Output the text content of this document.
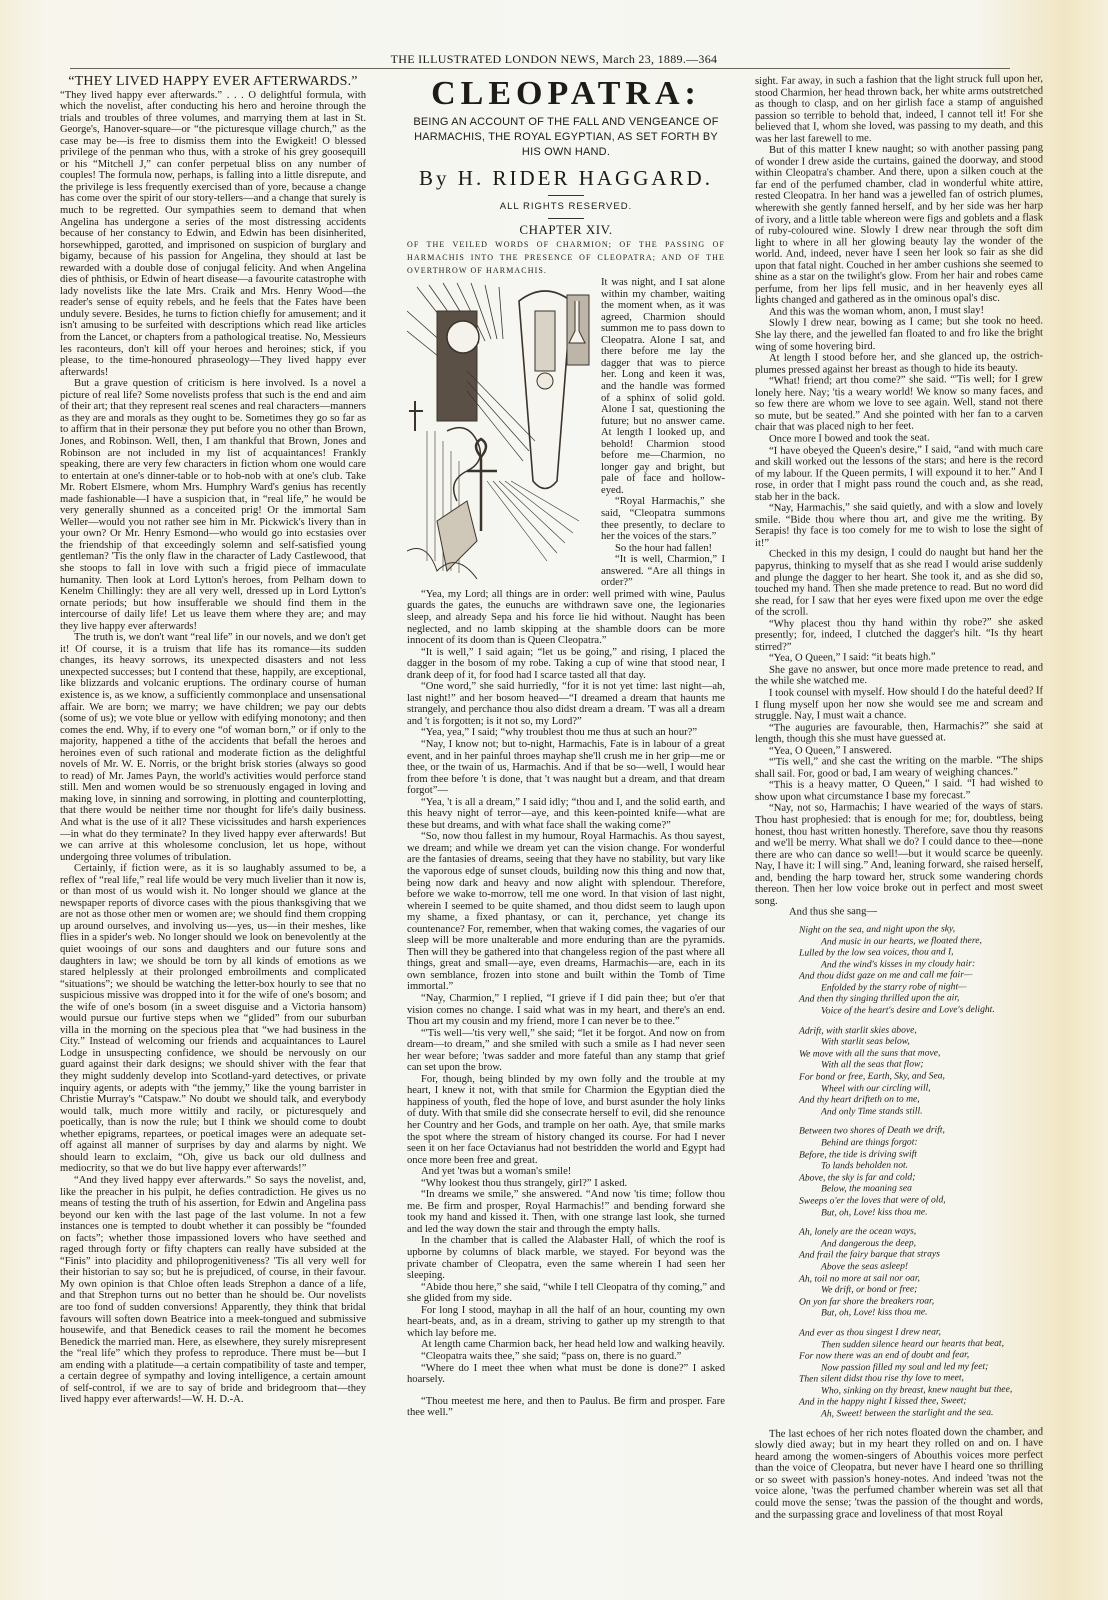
THE ILLUSTRATED LONDON NEWS, March 23, 1889.—364
“THEY LIVED HAPPY EVER AFTERWARDS.”

“They lived happy ever afterwards.” . . . O delightful formula, with which the novelist, after conducting his hero and heroine through the trials and troubles of three volumes, and marrying them at last in St. George's, Hanover-square—or “the picturesque village church,” as the case may be—is free to dismiss them into the Ewigkeit! O blessed privilege of the penman who thus, with a stroke of his grey goosequill or his “Mitchell J,” can confer perpetual bliss on any number of couples! The formula now, perhaps, is falling into a little disrepute, and the privilege is less frequently exercised than of yore, because a change has come over the spirit of our story-tellers—and a change that surely is much to be regretted. Our sympathies seem to demand that when Angelina has undergone a series of the most distressing accidents because of her constancy to Edwin, and Edwin has been disinherited, horsewhipped, garotted, and imprisoned on suspicion of burglary and bigamy, because of his passion for Angelina, they should at last be rewarded with a double dose of conjugal felicity. And when Angelina dies of phthisis, or Edwin of heart disease—a favourite catastrophe with lady novelists like the late Mrs. Craik and Mrs. Henry Wood—the reader's sense of equity rebels, and he feels that the Fates have been unduly severe. Besides, he turns to fiction chiefly for amusement; and it isn't amusing to be surfeited with descriptions which read like articles from the Lancet, or chapters from a pathological treatise. No, Messieurs les raconteurs, don't kill off your heroes and heroines; stick, if you please, to the time-honoured phraseology—They lived happy ever afterwards!

But a grave question of criticism is here involved. Is a novel a picture of real life? Some novelists profess that such is the end and aim of their art; that they represent real scenes and real characters—manners as they are and morals as they ought to be. Sometimes they go so far as to affirm that in their personæ they put before you no other than Brown, Jones, and Robinson. Well, then, I am thankful that Brown, Jones and Robinson are not included in my list of acquaintances! Frankly speaking, there are very few characters in fiction whom one would care to entertain at one's dinner-table or to hob-nob with at one's club. Take Mr. Robert Elsmere, whom Mrs. Humphry Ward's genius has recently made fashionable—I have a suspicion that, in “real life,” he would be very generally shunned as a conceited prig! Or the immortal Sam Weller—would you not rather see him in Mr. Pickwick's livery than in your own? Or Mr. Henry Esmond—who would go into ecstasies over the friendship of that exceedingly solemn and self-satisfied young gentleman? 'Tis the only flaw in the character of Lady Castlewood, that she stoops to fall in love with such a frigid piece of immaculate humanity. Then look at Lord Lytton's heroes, from Pelham down to Kenelm Chillingly: they are all very well, dressed up in Lord Lytton's ornate periods; but how insufferable we should find them in the intercourse of daily life! Let us leave them where they are; and may they live happy ever afterwards!

The truth is, we don't want “real life” in our novels, and we don't get it! Of course, it is a truism that life has its romance—its sudden changes, its heavy sorrows, its unexpected disasters and not less unexpected successes; but I contend that these, happily, are exceptional, like blizzards and volcanic eruptions. The ordinary course of human existence is, as we know, a sufficiently commonplace and unsensational affair. We are born; we marry; we have children; we pay our debts (some of us); we vote blue or yellow with edifying monotony; and then comes the end. Why, if to every one “of woman born,” or if only to the majority, happened a tithe of the accidents that befall the heroes and heroines even of such rational and moderate fiction as the delightful novels of Mr. W. E. Norris, or the bright brisk stories (always so good to read) of Mr. James Payn, the world's activities would perforce stand still. Men and women would be so strenuously engaged in loving and making love, in sinning and sorrowing, in plotting and counterplotting, that there would be neither time nor thought for life's daily business. And what is the use of it all? These vicissitudes and harsh experiences—in what do they terminate? In they lived happy ever afterwards! But we can arrive at this wholesome conclusion, let us hope, without undergoing three volumes of tribulation.

Certainly, if fiction were, as it is so laughably assumed to be, a reflex of “real life,” real life would be very much livelier than it now is, or than most of us would wish it. No longer should we glance at the newspaper reports of divorce cases with the pious thanksgiving that we are not as those other men or women are; we should find them cropping up around ourselves, and involving us—yes, us—in their meshes, like flies in a spider's web. No longer should we look on benevolently at the quiet wooings of our sons and daughters and our future sons and daughters in law; we should be torn by all kinds of emotions as we stared helplessly at their prolonged embroilments and complicated “situations”; we should be watching the letter-box hourly to see that no suspicious missive was dropped into it for the wife of one's bosom; and the wife of one's bosom (in a sweet disguise and a Victoria hansom) would pursue our furtive steps when we “glided” from our suburban villa in the morning on the specious plea that “we had business in the City.” Instead of welcoming our friends and acquaintances to Laurel Lodge in unsuspecting confidence, we should be nervously on our guard against their dark designs; we should shiver with the fear that they might suddenly develop into Scotland-yard detectives, or private inquiry agents, or adepts with “the jemmy,” like the young barrister in Christie Murray's “Catspaw.” No doubt we should talk, and everybody would talk, much more wittily and racily, or picturesquely and poetically, than is now the rule; but I think we should come to doubt whether epigrams, repartees, or poetical images were an adequate set-off against all manner of surprises by day and alarms by night. We should learn to exclaim, “Oh, give us back our old dullness and mediocrity, so that we do but live happy ever afterwards!”

“And they lived happy ever afterwards.” So says the novelist, and, like the preacher in his pulpit, he defies contradiction. He gives us no means of testing the truth of his assertion, for Edwin and Angelina pass beyond our ken with the last page of the last volume. In not a few instances one is tempted to doubt whether it can possibly be “founded on facts”; whether those impassioned lovers who have seethed and raged through forty or fifty chapters can really have subsided at the “Finis” into placidity and philoprogenitiveness? 'Tis all very well for their historian to say so; but he is prejudiced, of course, in their favour. My own opinion is that Chloe often leads Strephon a dance of a life, and that Strephon turns out no better than he should be. Our novelists are too fond of sudden conversions! Apparently, they think that bridal favours will soften down Beatrice into a meek-tongued and submissive housewife, and that Benedick ceases to rail the moment he becomes Benedick the married man. Here, as elsewhere, they surely misrepresent the “real life” which they profess to reproduce. There must be—but I am ending with a platitude—a certain compatibility of taste and temper, a certain degree of sympathy and loving intelligence, a certain amount of self-control, if we are to say of bride and bridegroom that—they lived happy ever afterwards!—W. H. D.-A.

CLEOPATRA:
BEING AN ACCOUNT OF THE FALL AND VENGEANCE OF HARMACHIS, THE ROYAL EGYPTIAN, AS SET FORTH BY HIS OWN HAND.
By H. RIDER HAGGARD.
ALL RIGHTS RESERVED.
CHAPTER XIV.
OF THE VEILED WORDS OF CHARMION; OF THE PASSING OF HARMACHIS INTO THE PRESENCE OF CLEOPATRA; AND OF THE OVERTHROW OF HARMACHIS.

It was night, and I sat alone within my chamber, waiting the moment when, as it was agreed, Charmion should summon me to pass down to Cleopatra. Alone I sat, and there before me lay the dagger that was to pierce her. Long and keen it was, and the handle was formed of a sphinx of solid gold. Alone I sat, questioning the future; but no answer came. At length I looked up, and behold! Charmion stood before me—Charmion, no longer gay and bright, but pale of face and hollow-eyed.

“Royal Harmachis,” she said, “Cleopatra summons thee presently, to declare to her the voices of the stars.”

So the hour had fallen!

“It is well, Charmion,” I answered. “Are all things in order?”

“Yea, my Lord; all things are in order: well primed with wine, Paulus guards the gates, the eunuchs are withdrawn save one, the legionaries sleep, and already Sepa and his force lie hid without. Naught has been neglected, and no lamb skipping at the shamble doors can be more innocent of its doom than is Queen Cleopatra.”

“It is well,” I said again; “let us be going,” and rising, I placed the dagger in the bosom of my robe. Taking a cup of wine that stood near, I drank deep of it, for food had I scarce tasted all that day.

“One word,” she said hurriedly, “for it is not yet time: last night—ah, last night!” and her bosom heaved—“I dreamed a dream that haunts me strangely, and perchance thou also didst dream a dream. 'T was all a dream and 't is forgotten; is it not so, my Lord?”

“Yea, yea,” I said; “why troublest thou me thus at such an hour?”

“Nay, I know not; but to-night, Harmachis, Fate is in labour of a great event, and in her painful throes mayhap she'll crush me in her grip—me or thee, or the twain of us, Harmachis. And if that be so—well, I would hear from thee before 't is done, that 't was naught but a dream, and that dream forgot”—

“Yea, 't is all a dream,” I said idly; “thou and I, and the solid earth, and this heavy night of terror—aye, and this keen-pointed knife—what are these but dreams, and with what face shall the waking come?”

“So, now thou fallest in my humour, Royal Harmachis. As thou sayest, we dream; and while we dream yet can the vision change. For wonderful are the fantasies of dreams, seeing that they have no stability, but vary like the vaporous edge of sunset clouds, building now this thing and now that, being now dark and heavy and now alight with splendour. Therefore, before we wake to-morrow, tell me one word. In that vision of last night, wherein I seemed to be quite shamed, and thou didst seem to laugh upon my shame, a fixed phantasy, or can it, perchance, yet change its countenance? For, remember, when that waking comes, the vagaries of our sleep will be more unalterable and more enduring than are the pyramids. Then will they be gathered into that changeless region of the past where all things, great and small—aye, even dreams, Harmachis—are, each in its own semblance, frozen into stone and built within the Tomb of Time immortal.”

“Nay, Charmion,” I replied, “I grieve if I did pain thee; but o'er that vision comes no change. I said what was in my heart, and there's an end. Thou art my cousin and my friend, more I can never be to thee.”

“'Tis well—'tis very well,” she said; “let it be forgot. And now on from dream—to dream,” and she smiled with such a smile as I had never seen her wear before; 'twas sadder and more fateful than any stamp that grief can set upon the brow.

For, though, being blinded by my own folly and the trouble at my heart, I knew it not, with that smile for Charmion the Egyptian died the happiness of youth, fled the hope of love, and burst asunder the holy links of duty. With that smile did she consecrate herself to evil, did she renounce her Country and her Gods, and trample on her oath. Aye, that smile marks the spot where the stream of history changed its course. For had I never seen it on her face Octavianus had not bestridden the world and Egypt had once more been free and great.

And yet 'twas but a woman's smile!

“Why lookest thou thus strangely, girl?” I asked.

“In dreams we smile,” she answered. “And now 'tis time; follow thou me. Be firm and prosper, Royal Harmachis!” and bending forward she took my hand and kissed it. Then, with one strange last look, she turned and led the way down the stair and through the empty halls.

In the chamber that is called the Alabaster Hall, of which the roof is upborne by columns of black marble, we stayed. For beyond was the private chamber of Cleopatra, even the same wherein I had seen her sleeping.

“Abide thou here,” she said, “while I tell Cleopatra of thy coming,” and she glided from my side.

For long I stood, mayhap in all the half of an hour, counting my own heart-beats, and, as in a dream, striving to gather up my strength to that which lay before me.

At length came Charmion back, her head held low and walking heavily.

“Cleopatra waits thee,” she said; “pass on, there is no guard.”

“Where do I meet thee when what must be done is done?” I asked hoarsely.

“Thou meetest me here, and then to Paulus. Be firm and prosper. Fare thee well.”

sight. Far away, in such a fashion that the light struck full upon her, stood Charmion, her head thrown back, her white arms outstretched as though to clasp, and on her girlish face a stamp of anguished passion so terrible to behold that, indeed, I cannot tell it! For she believed that I, whom she loved, was passing to my death, and this was her last farewell to me.

But of this matter I knew naught; so with another passing pang of wonder I drew aside the curtains, gained the doorway, and stood within Cleopatra's chamber. And there, upon a silken couch at the far end of the perfumed chamber, clad in wonderful white attire, rested Cleopatra. In her hand was a jewelled fan of ostrich plumes, wherewith she gently fanned herself, and by her side was her harp of ivory, and a little table whereon were figs and goblets and a flask of ruby-coloured wine. Slowly I drew near through the soft dim light to where in all her glowing beauty lay the wonder of the world. And, indeed, never have I seen her look so fair as she did upon that fatal night. Couched in her amber cushions she seemed to shine as a star on the twilight's glow. From her hair and robes came perfume, from her lips fell music, and in her heavenly eyes all lights changed and gathered as in the ominous opal's disc.

And this was the woman whom, anon, I must slay!

Slowly I drew near, bowing as I came; but she took no heed. She lay there, and the jewelled fan floated to and fro like the bright wing of some hovering bird.

At length I stood before her, and she glanced up, the ostrich-plumes pressed against her breast as though to hide its beauty.

“What! friend; art thou come?” she said. “'Tis well; for I grew lonely here. Nay; 'tis a weary world! We know so many faces, and so few there are whom we love to see again. Well, stand not there so mute, but be seated.” And she pointed with her fan to a carven chair that was placed nigh to her feet.

Once more I bowed and took the seat.

“I have obeyed the Queen's desire,” I said, “and with much care and skill worked out the lessons of the stars; and here is the record of my labour. If the Queen permits, I will expound it to her.” And I rose, in order that I might pass round the couch and, as she read, stab her in the back.

“Nay, Harmachis,” she said quietly, and with a slow and lovely smile. “Bide thou where thou art, and give me the writing. By Serapis! thy face is too comely for me to wish to lose the sight of it!”

Checked in this my design, I could do naught but hand her the papyrus, thinking to myself that as she read I would arise suddenly and plunge the dagger to her heart. She took it, and as she did so, touched my hand. Then she made pretence to read. But no word did she read, for I saw that her eyes were fixed upon me over the edge of the scroll.

“Why placest thou thy hand within thy robe?” she asked presently; for, indeed, I clutched the dagger's hilt. “Is thy heart stirred?”

“Yea, O Queen,” I said: “it beats high.”

She gave no answer, but once more made pretence to read, and the while she watched me.

I took counsel with myself. How should I do the hateful deed? If I flung myself upon her now she would see me and scream and struggle. Nay, I must wait a chance.

“The auguries are favourable, then, Harmachis?” she said at length, though this she must have guessed at.

“Yea, O Queen,” I answered.

“'Tis well,” and she cast the writing on the marble. “The ships shall sail. For, good or bad, I am weary of weighing chances.”

“This is a heavy matter, O Queen,” I said. “I had wished to show upon what circumstance I base my forecast.”

“Nay, not so, Harmachis; I have wearied of the ways of stars. Thou hast prophesied: that is enough for me; for, doubtless, being honest, thou hast written honestly. Therefore, save thou thy reasons and we'll be merry. What shall we do? I could dance to thee—none there are who can dance so well!—but it would scarce be queenly. Nay, I have it: I will sing.” And, leaning forward, she raised herself, and, bending the harp toward her, struck some wandering chords thereon. Then her low voice broke out in perfect and most sweet song.

And thus she sang—

Night on the sea, and night upon the sky,
And music in our hearts, we floated there,
Lulled by the low sea voices, thou and I,
And the wind's kisses in my cloudy hair:
And thou didst gaze on me and call me fair—
Enfolded by the starry robe of night—
And then thy singing thrilled upon the air,
Voice of the heart's desire and Love's delight.
Adrift, with starlit skies above,
With starlit seas below,
We move with all the suns that move,
With all the seas that flow;
For bond or free, Earth, Sky, and Sea,
Wheel with our circling will,
And thy heart drifteth on to me,
And only Time stands still.
Between two shores of Death we drift,
Behind are things forgot:
Before, the tide is driving swift
To lands beholden not.
Above, the sky is far and cold;
Below, the moaning sea
Sweeps o'er the loves that were of old,
But, oh, Love! kiss thou me.
Ah, lonely are the ocean ways,
And dangerous the deep,
And frail the fairy barque that strays
Above the seas asleep!
Ah, toil no more at sail nor oar,
We drift, or bond or free;
On yon far shore the breakers roar,
But, oh, Love! kiss thou me.
And ever as thou singest I drew near,
Then sudden silence heard our hearts that beat,
For now there was an end of doubt and fear,
Now passion filled my soul and led my feet;
Then silent didst thou rise thy love to meet,
Who, sinking on thy breast, knew naught but thee,
And in the happy night I kissed thee, Sweet;
Ah, Sweet! between the starlight and the sea.

The last echoes of her rich notes floated down the chamber, and slowly died away; but in my heart they rolled on and on. I have heard among the women-singers of Abouthis voices more perfect than the voice of Cleopatra, but never have I heard one so thrilling or so sweet with passion's honey-notes. And indeed 'twas not the voice alone, 'twas the perfumed chamber wherein was set all that could move the sense; 'twas the passion of the thought and words, and the surpassing grace and loveliness of that most Royal
